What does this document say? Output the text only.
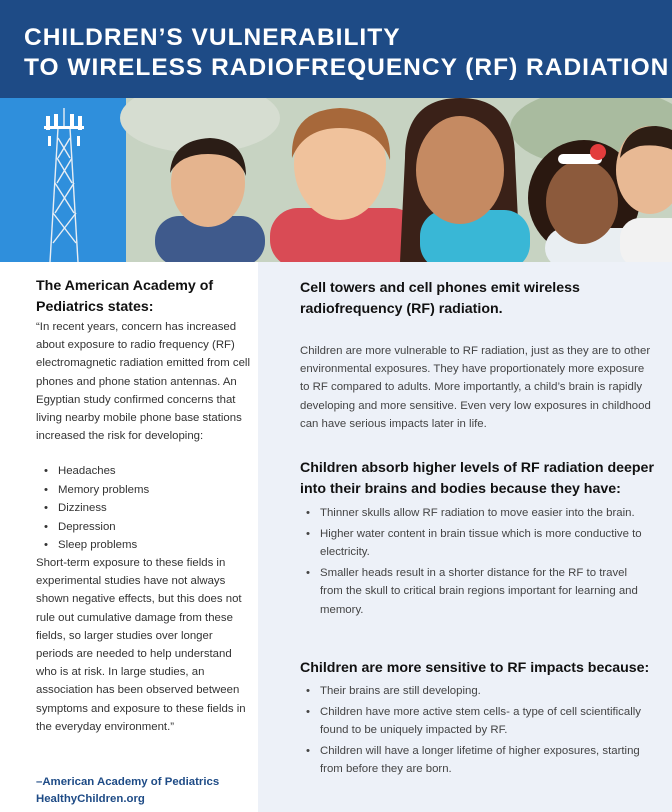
CHILDREN’S VULNERABILITY
TO WIRELESS RADIOFREQUENCY (RF) RADIATION
The American Academy of Pediatrics states:
“In recent years, concern has increased about exposure to radio frequency (RF) electromagnetic radiation emitted from cell phones and phone station antennas. An Egyptian study confirmed concerns that living nearby mobile phone base stations increased the risk for developing:
• Headaches
• Memory problems
• Dizziness
• Depression
• Sleep problems
Short-term exposure to these fields in experimental studies have not always shown negative effects, but this does not rule out cumulative damage from these fields, so larger studies over longer periods are needed to help understand who is at risk. In large studies, an association has been observed between symptoms and exposure to these fields in the everyday environment.”
–American Academy of Pediatrics
HealthyChildren.org
Cell towers and cell phones emit wireless radiofrequency (RF) radiation.
Children are more vulnerable to RF radiation, just as they are to other environmental exposures. They have proportionately more exposure to RF compared to adults. More importantly, a child’s brain is rapidly developing and more sensitive. Even very low exposures in childhood can have serious impacts later in life.
Children absorb higher levels of RF radiation deeper into their brains and bodies because they have:
• Thinner skulls allow RF radiation to move easier into the brain.
• Higher water content in brain tissue which is more conductive to electricity.
• Smaller heads result in a shorter distance for the RF to travel from the skull to critical brain regions important for learning and memory.
Children are more sensitive to RF impacts because:
• Their brains are still developing.
• Children have more active stem cells- a type of cell scientifically found to be uniquely impacted by RF.
• Children will have a longer lifetime of higher exposures, starting from before they are born.
